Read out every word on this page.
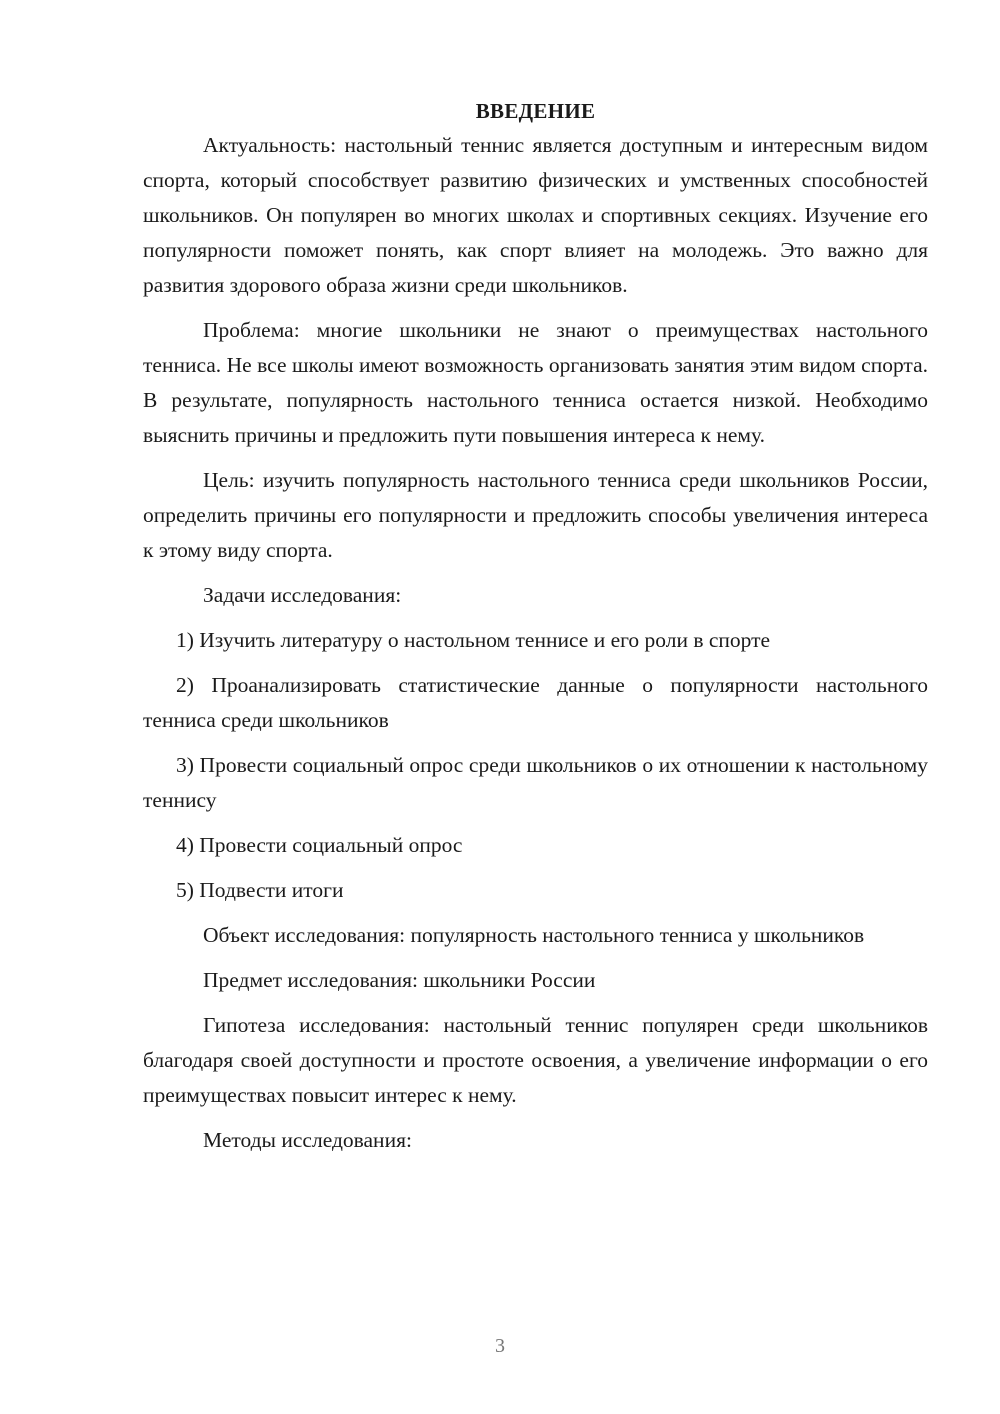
ВВЕДЕНИЕ

Актуальность: настольный теннис является доступным и интересным видом спорта, который способствует развитию физических и умственных способностей школьников. Он популярен во многих школах и спортивных секциях. Изучение его популярности поможет понять, как спорт влияет на молодежь. Это важно для развития здорового образа жизни среди школьников.

Проблема: многие школьники не знают о преимуществах настольного тенниса. Не все школы имеют возможность организовать занятия этим видом спорта. В результате, популярность настольного тенниса остается низкой. Необходимо выяснить причины и предложить пути повышения интереса к нему.

Цель: изучить популярность настольного тенниса среди школьников России, определить причины его популярности и предложить способы увеличения интереса к этому виду спорта.

Задачи исследования:

1) Изучить литературу о настольном теннисе и его роли в спорте

2) Проанализировать статистические данные о популярности настольного тенниса среди школьников

3) Провести социальный опрос среди школьников о их отношении к настольному теннису

4) Провести социальный опрос

5) Подвести итоги

Объект исследования: популярность настольного тенниса у школьников

Предмет исследования: школьники России

Гипотеза исследования: настольный теннис популярен среди школьников благодаря своей доступности и простоте освоения, а увеличение информации о его преимуществах повысит интерес к нему.

Методы исследования:

3
